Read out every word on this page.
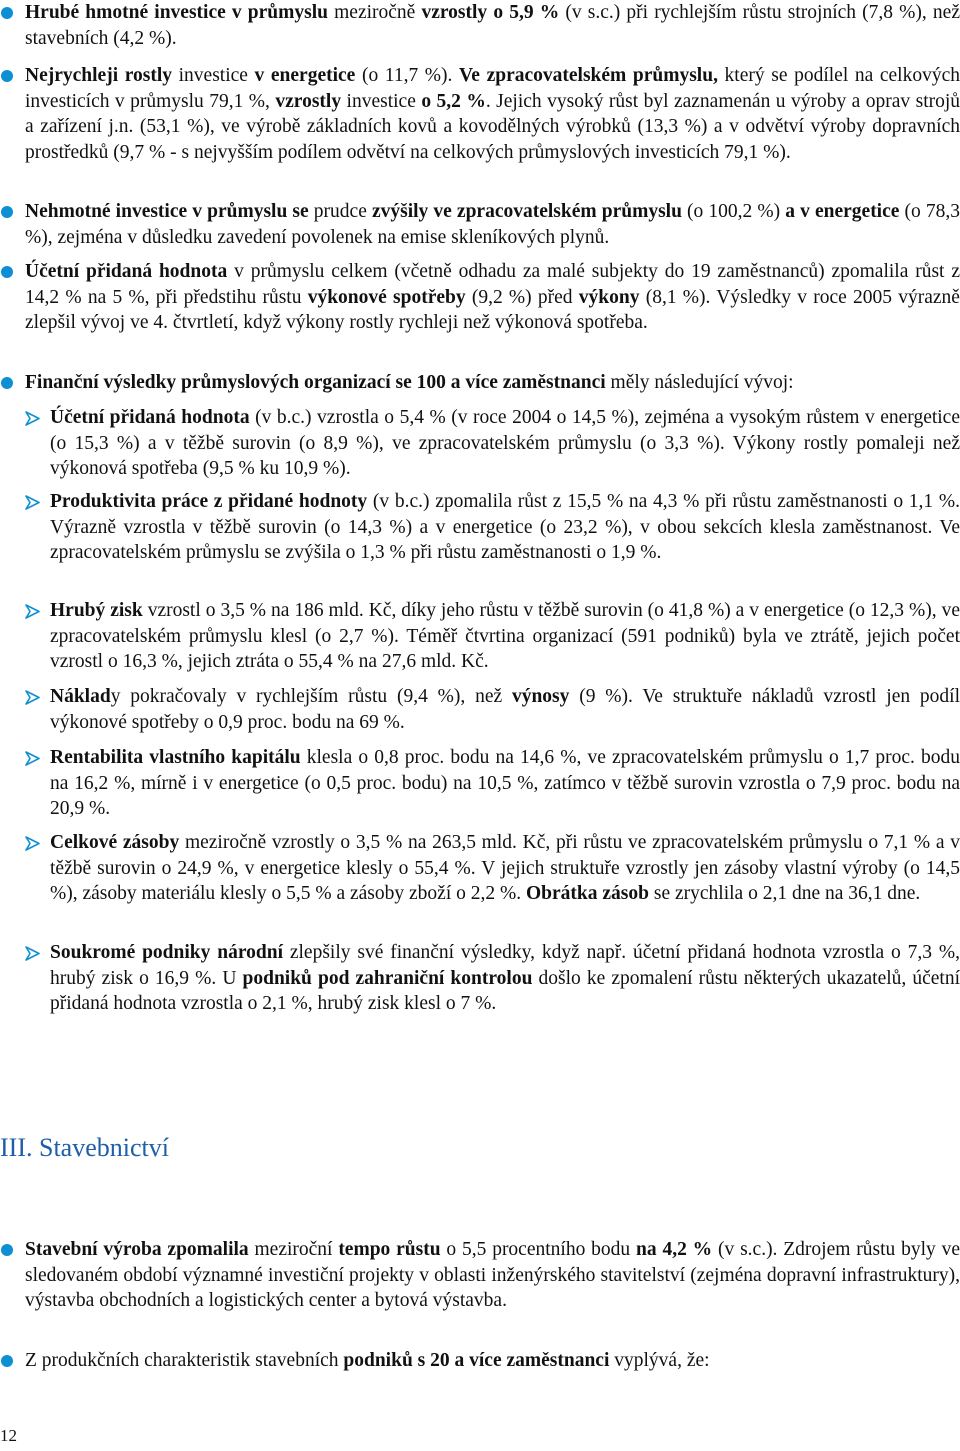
Hrubé hmotné investice v průmyslu meziročně vzrostly o 5,9 % (v s.c.) při rychlejším růstu strojních (7,8 %), než stavebních (4,2 %).

Nejrychleji rostly investice v energetice (o 11,7 %). Ve zpracovatelském průmyslu, který se podílel na celkových investicích v průmyslu 79,1 %, vzrostly investice o 5,2 %. Jejich vysoký růst byl zaznamenán u výroby a oprav strojů a zařízení j.n. (53,1 %), ve výrobě základních kovů a kovodělných výrobků (13,3 %) a v odvětví výroby dopravních prostředků (9,7 % - s nejvyšším podílem odvětví na celkových průmyslových investicích 79,1 %).

Nehmotné investice v průmyslu se prudce zvýšily ve zpracovatelském průmyslu (o 100,2 %) a v energetice (o 78,3 %), zejména v důsledku zavedení povolenek na emise skleníkových plynů.

Účetní přidaná hodnota v průmyslu celkem (včetně odhadu za malé subjekty do 19 zaměstnanců) zpomalila růst z 14,2 % na 5 %, při předstihu růstu výkonové spotřeby (9,2 %) před výkony (8,1 %). Výsledky v roce 2005 výrazně zlepšil vývoj ve 4. čtvrtletí, když výkony rostly rychleji než výkonová spotřeba.

Finanční výsledky průmyslových organizací se 100 a více zaměstnanci měly následující vývoj:

Účetní přidaná hodnota (v b.c.) vzrostla o 5,4 % (v roce 2004 o 14,5 %), zejména a vysokým růstem v energetice (o 15,3 %) a v těžbě surovin (o 8,9 %), ve zpracovatelském průmyslu (o 3,3 %). Výkony rostly pomaleji než výkonová spotřeba (9,5 % ku 10,9 %).

Produktivita práce z přidané hodnoty (v b.c.) zpomalila růst z 15,5 % na 4,3 % při růstu zaměstnanosti o 1,1 %. Výrazně vzrostla v těžbě surovin (o 14,3 %) a v energetice (o 23,2 %), v obou sekcích klesla zaměstnanost. Ve zpracovatelském průmyslu se zvýšila o 1,3 % při růstu zaměstnanosti o 1,9 %.

Hrubý zisk vzrostl o 3,5 % na 186 mld. Kč, díky jeho růstu v těžbě surovin (o 41,8 %) a v energetice (o 12,3 %), ve zpracovatelském průmyslu klesl (o 2,7 %). Téměř čtvrtina organizací (591 podniků) byla ve ztrátě, jejich počet vzrostl o 16,3 %, jejich ztráta o 55,4 % na 27,6 mld. Kč.

Náklady pokračovaly v rychlejším růstu (9,4 %), než výnosy (9 %). Ve struktuře nákladů vzrostl jen podíl výkonové spotřeby o 0,9 proc. bodu na 69 %.

Rentabilita vlastního kapitálu klesla o 0,8 proc. bodu na 14,6 %, ve zpracovatelském průmyslu o 1,7 proc. bodu na 16,2 %, mírně i v energetice (o 0,5 proc. bodu) na 10,5 %, zatímco v těžbě surovin vzrostla o 7,9 proc. bodu na 20,9 %.

Celkové zásoby meziročně vzrostly o 3,5 % na 263,5 mld. Kč, při růstu ve zpracovatelském průmyslu o 7,1 % a v těžbě surovin o 24,9 %, v energetice klesly o 55,4 %. V jejich struktuře vzrostly jen zásoby vlastní výroby (o 14,5 %), zásoby materiálu klesly o 5,5 % a zásoby zboží o 2,2 %. Obrátka zásob se zrychlila o 2,1 dne na 36,1 dne.

Soukromé podniky národní zlepšily své finanční výsledky, když např. účetní přidaná hodnota vzrostla o 7,3 %, hrubý zisk o 16,9 %. U podniků pod zahraniční kontrolou došlo ke zpomalení růstu některých ukazatelů, účetní přidaná hodnota vzrostla o 2,1 %, hrubý zisk klesl o 7 %.

III. Stavebnictví

Stavební výroba zpomalila meziroční tempo růstu o 5,5 procentního bodu na 4,2 % (v s.c.). Zdrojem růstu byly ve sledovaném období významné investiční projekty v oblasti inženýrského stavitelství (zejména dopravní infrastruktury), výstavba obchodních a logistických center a bytová výstavba.

Z produkčních charakteristik stavebních podniků s 20 a více zaměstnanci vyplývá, že:

12
